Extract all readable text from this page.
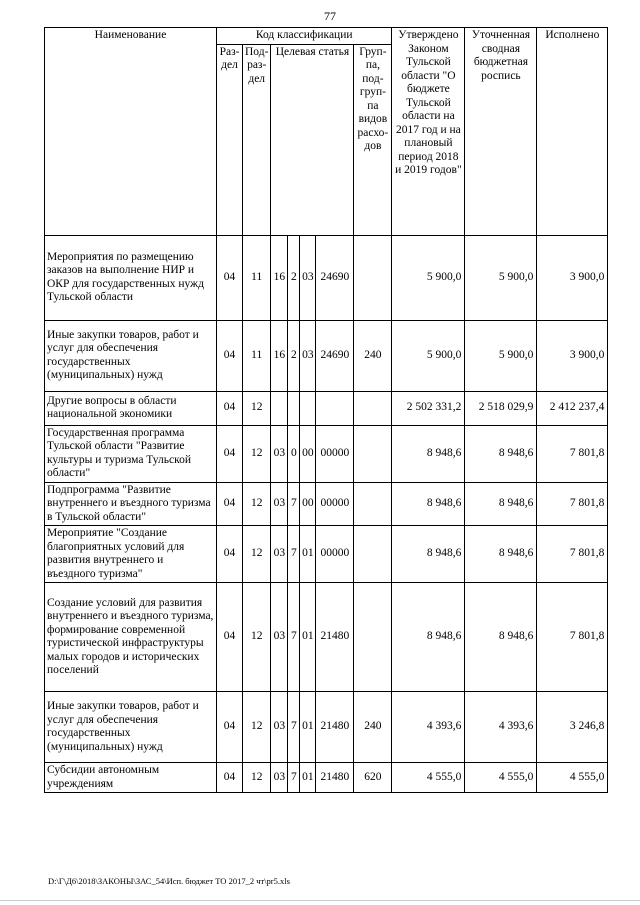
77
Наименование	Код классификации							Утверждено Законом Тульской области "О бюджете Тульской области на 2017 год и на плановый период 2018 и 2019 годов"	Уточненная сводная бюджетная роспись	Исполнено
	Раз- дел	Под- раз- дел	Целевая статья				Груп- па, под- груп- па видов расхо- дов			
Мероприятия по размещению заказов на выполнение НИР и ОКР для государственных нужд Тульской области	04	11	16	2	03	24690		5 900,0	5 900,0	3 900,0
Иные закупки товаров, работ и услуг для обеспечения государственных (муниципальных) нужд	04	11	16	2	03	24690	240	5 900,0	5 900,0	3 900,0
Другие вопросы в области национальной экономики	04	12						2 502 331,2	2 518 029,9	2 412 237,4
Государственная программа Тульской области "Развитие культуры и туризма Тульской области"	04	12	03	0	00	00000		8 948,6	8 948,6	7 801,8
Подпрограмма "Развитие внутреннего и въездного туризма в Тульской области"	04	12	03	7	00	00000		8 948,6	8 948,6	7 801,8
Мероприятие "Создание благоприятных условий для развития внутреннего и въездного туризма"	04	12	03	7	01	00000		8 948,6	8 948,6	7 801,8
Создание условий для развития внутреннего и въездного туризма, формирование современной туристической инфраструктуры малых городов и исторических поселений	04	12	03	7	01	21480		8 948,6	8 948,6	7 801,8
Иные закупки товаров, работ и услуг для обеспечения государственных (муниципальных) нужд	04	12	03	7	01	21480	240	4 393,6	4 393,6	3 246,8
Субсидии автономным учреждениям	04	12	03	7	01	21480	620	4 555,0	4 555,0	4 555,0
D:\Г\Д6\2018\ЗАКОНЫ\ЗАС_54\Исп. бюджет ТО 2017_2 чт\pr5.xls
